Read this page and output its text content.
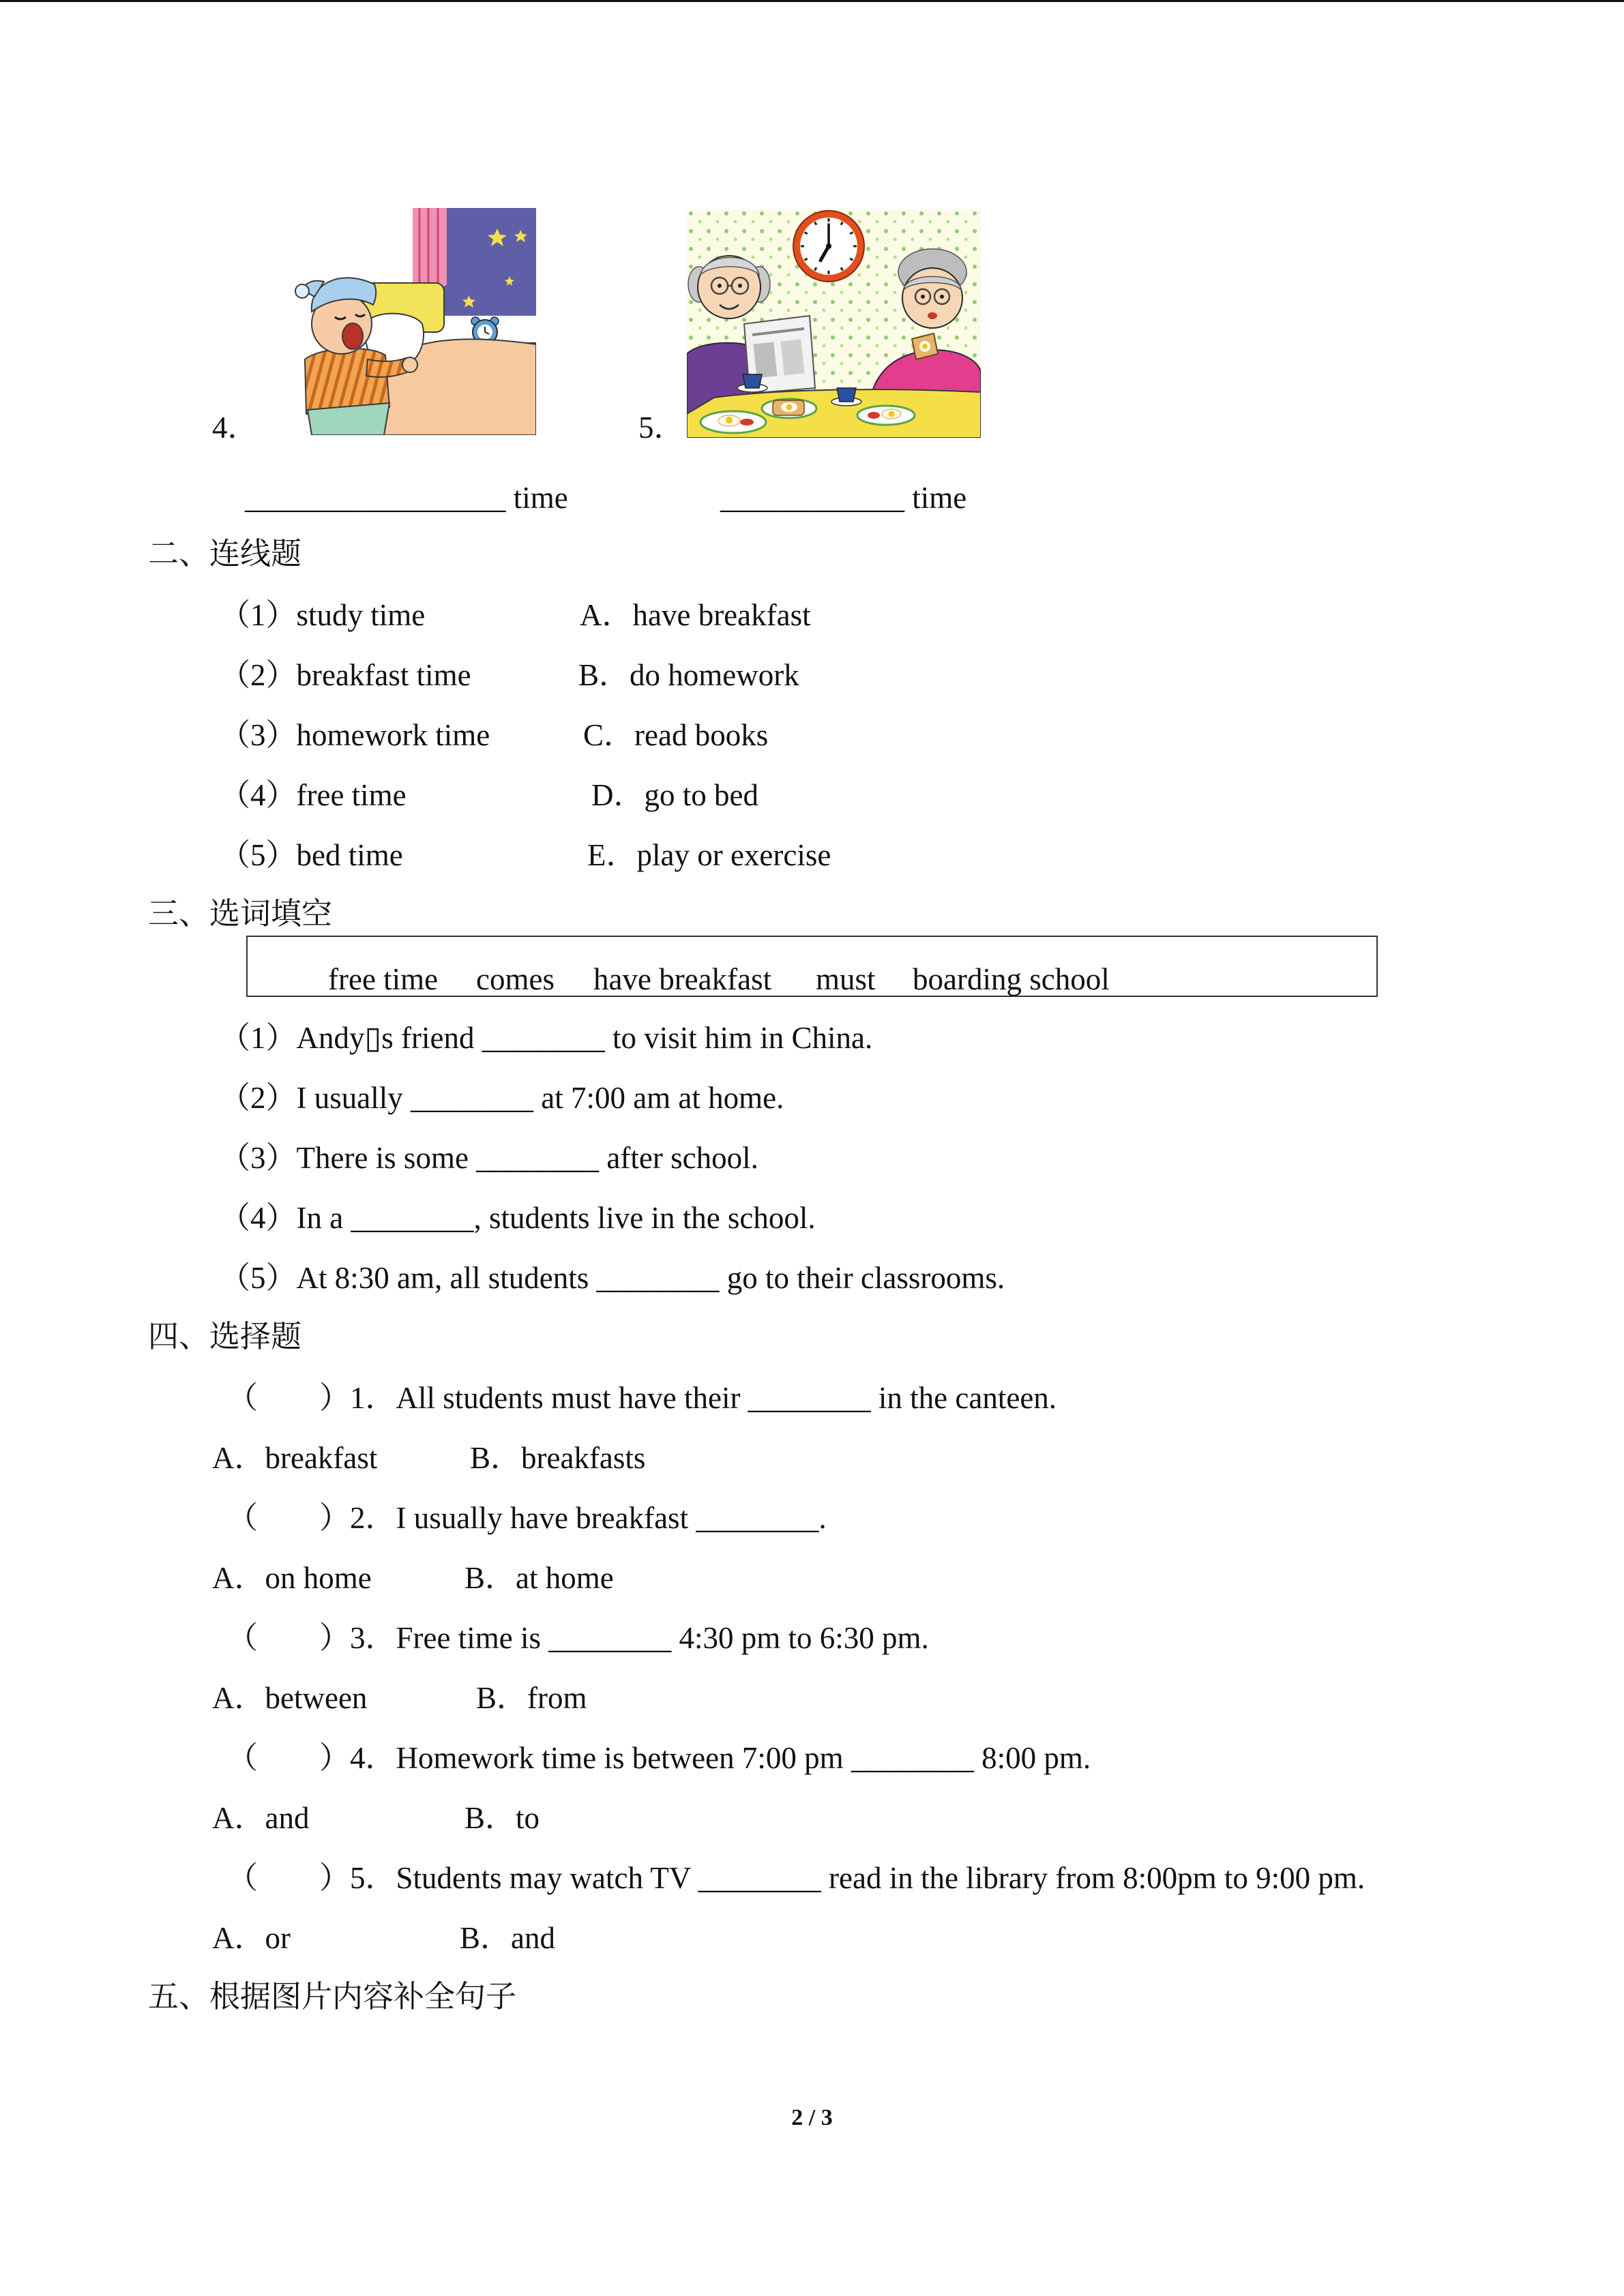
4．	5．
_________________ time	____________ time
二、连线题
（1）study time	A．have breakfast
（2）breakfast time	B．do homework
（3）homework time	C．read books
（4）free time	D．go to bed
（5）bed time	E．play or exercise
三、选词填空
free time comes have breakfast must boarding school
（1）Andy▯s friend ________ to visit him in China.
（2）I usually ________ at 7:00 am at home.
（3）There is some ________ after school.
（4）In a ________, students live in the school.
（5）At 8:30 am, all students ________ go to their classrooms.
四、选择题
（　　）1．All students must have their ________ in the canteen.
A．breakfast	B．breakfasts
（　　）2．I usually have breakfast ________.
A．on home	B．at home
（　　）3．Free time is ________ 4:30 pm to 6:30 pm.
A．between	B．from
（　　）4．Homework time is between 7:00 pm ________ 8:00 pm.
A．and	B．to
（　　）5．Students may watch TV ________ read in the library from 8:00pm to 9:00 pm.
A．or	B．and
五、根据图片内容补全句子
2 / 3
